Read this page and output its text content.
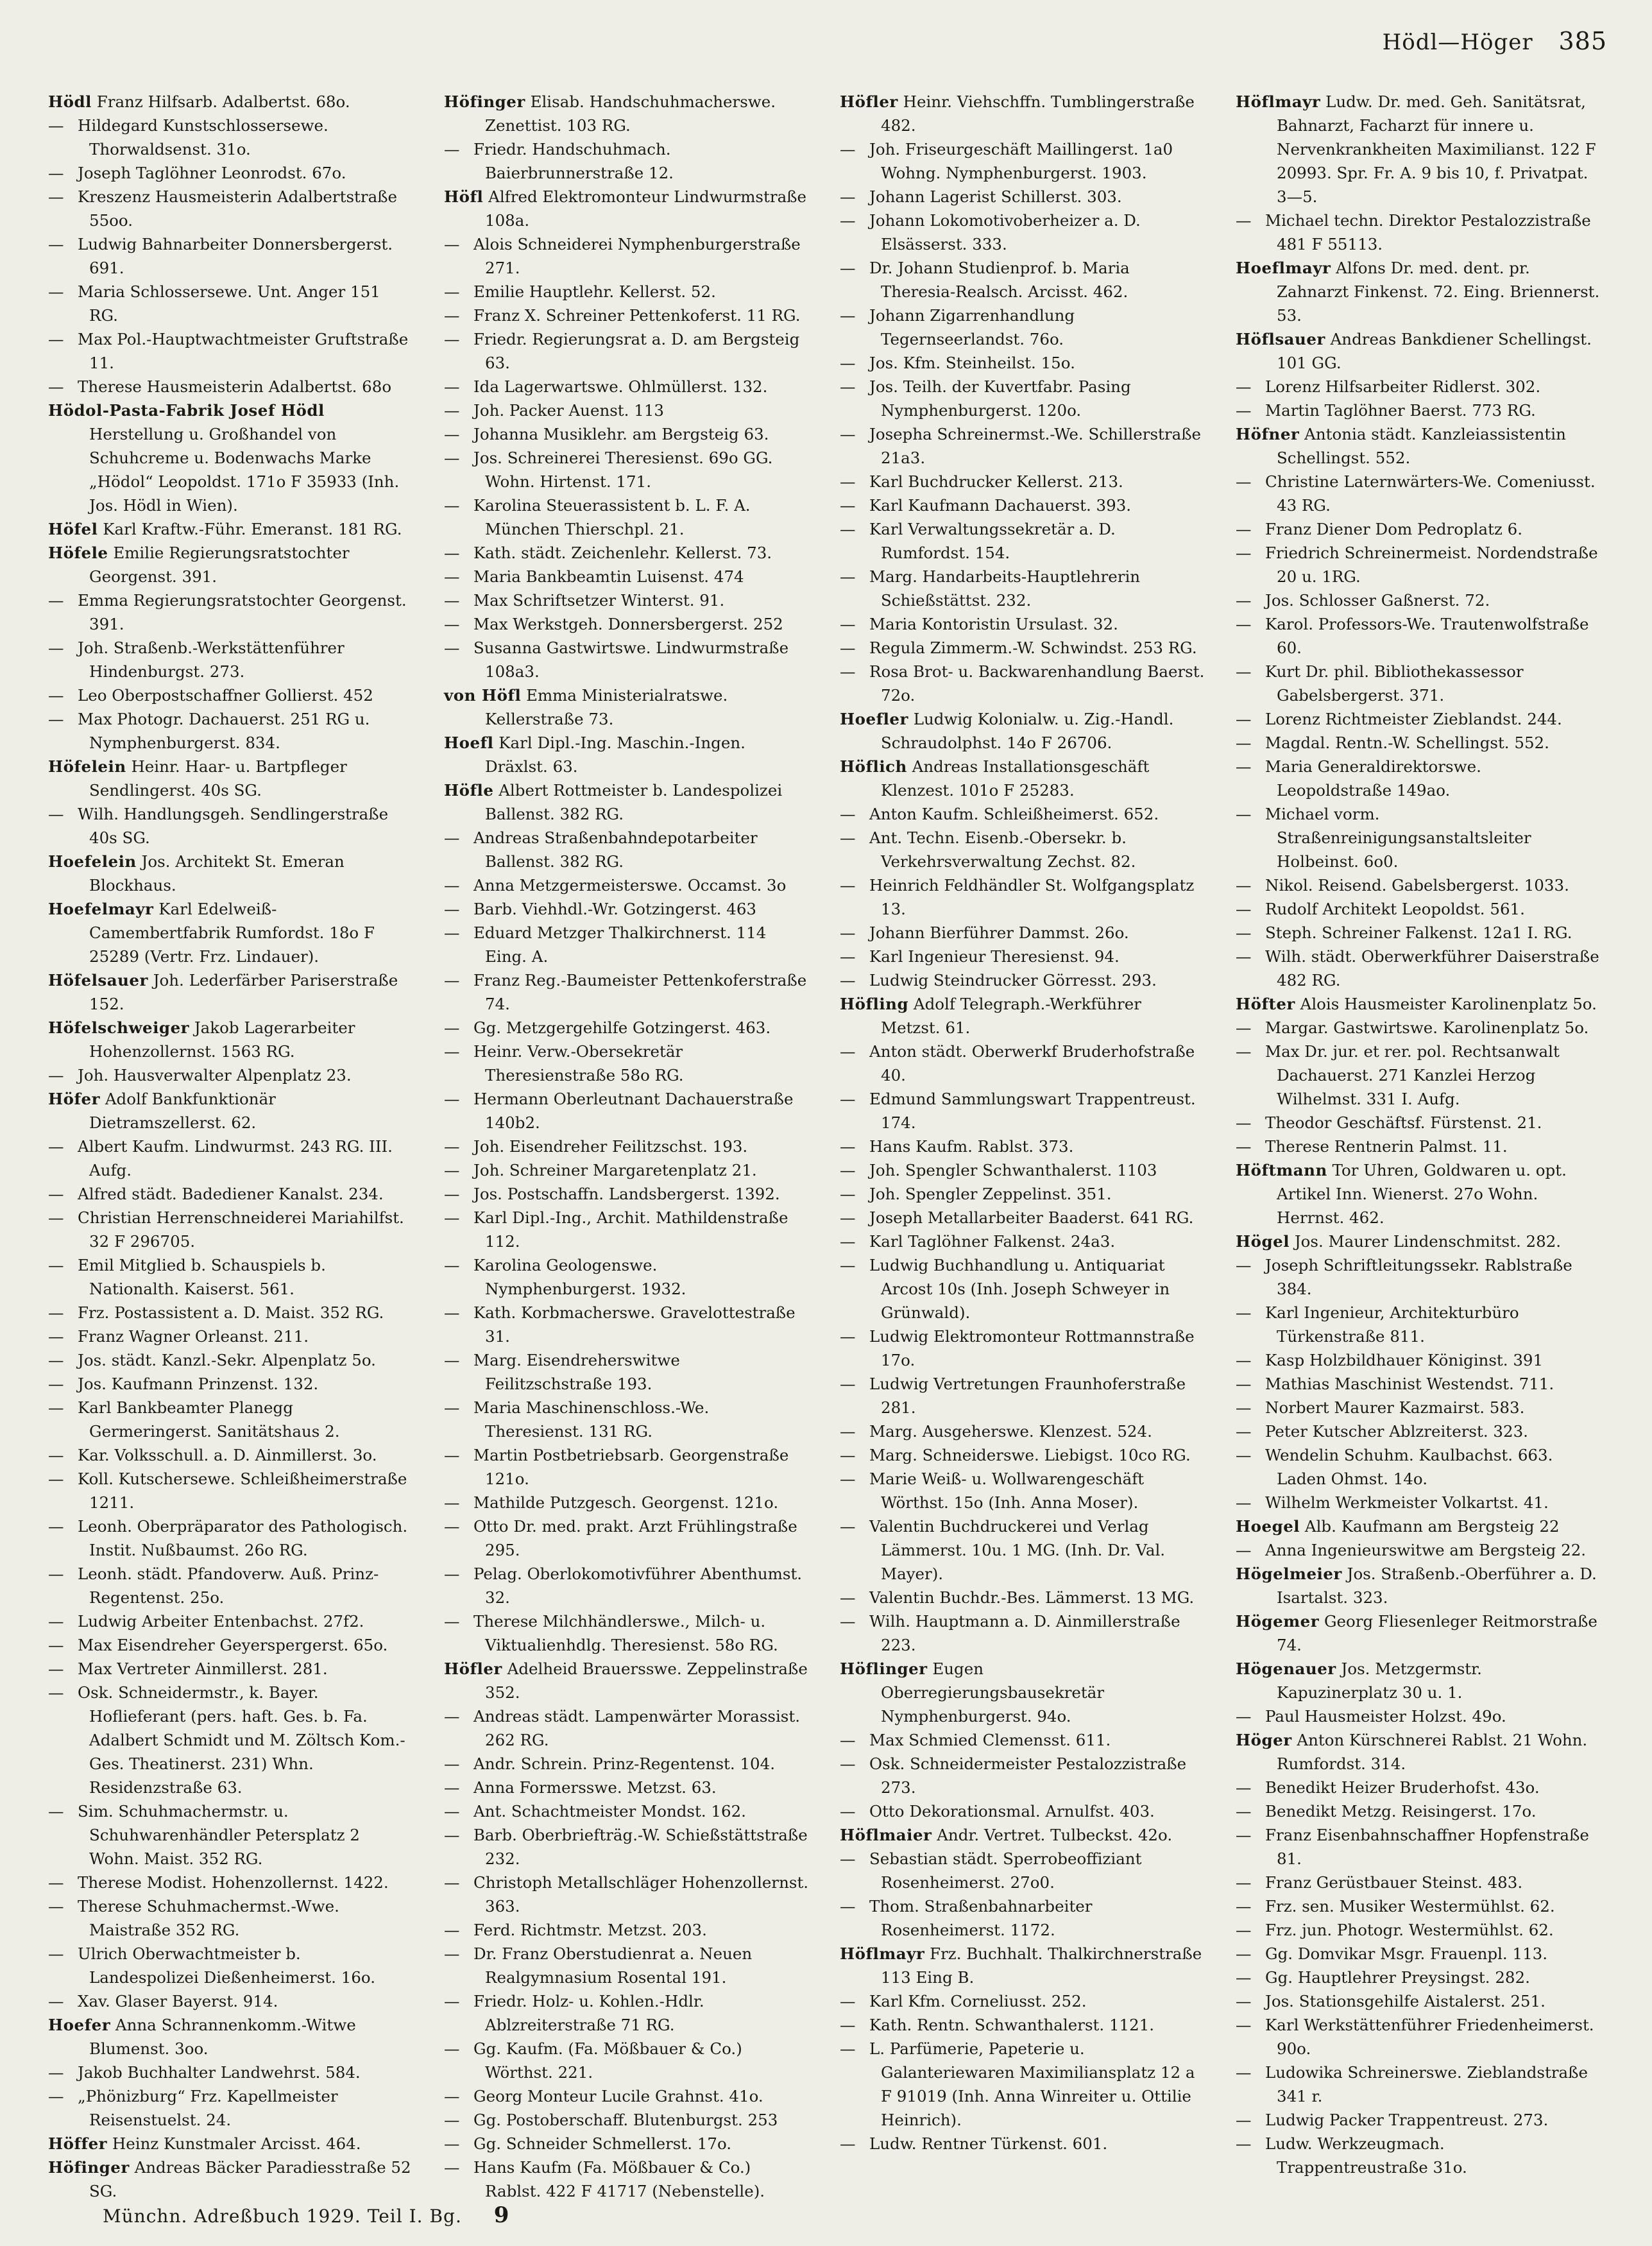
Hödl—Höger 385

Hödl Franz Hilfsarb. Adalbertst. 68o.

— Hildegard Kunstschlossersewe. Thorwaldsenst. 31o.

— Joseph Taglöhner Leonrodst. 67o.

— Kreszenz Hausmeisterin Adalbertstraße 55oo.

— Ludwig Bahnarbeiter Donnersbergerst. 691.

— Maria Schlossersewe. Unt. Anger 151 RG.

— Max Pol.-Hauptwachtmeister Gruftstraße 11.

— Therese Hausmeisterin Adalbertst. 68o

Hödol-Pasta-Fabrik Josef Hödl Herstellung u. Großhandel von Schuhcreme u. Bodenwachs Marke „Hödol“ Leopoldst. 171o F 35933 (Inh. Jos. Hödl in Wien).

Höfel Karl Kraftw.-Führ. Emeranst. 181 RG.

Höfele Emilie Regierungsratstochter Georgenst. 391.

— Emma Regierungsratstochter Georgenst. 391.

— Joh. Straßenb.-Werkstättenführer Hindenburgst. 273.

— Leo Oberpostschaffner Gollierst. 452

— Max Photogr. Dachauerst. 251 RG u. Nymphenburgerst. 834.

Höfelein Heinr. Haar- u. Bartpfleger Sendlingerst. 40s SG.

— Wilh. Handlungsgeh. Sendlingerstraße 40s SG.

Hoefelein Jos. Architekt St. Emeran Blockhaus.

Hoefelmayr Karl Edelweiß-Camembertfabrik Rumfordst. 18o F 25289 (Vertr. Frz. Lindauer).

Höfelsauer Joh. Lederfärber Pariserstraße 152.

Höfelschweiger Jakob Lagerarbeiter Hohenzollernst. 1563 RG.

— Joh. Hausverwalter Alpenplatz 23.

Höfer Adolf Bankfunktionär Dietramszellerst. 62.

— Albert Kaufm. Lindwurmst. 243 RG. III. Aufg.

— Alfred städt. Badediener Kanalst. 234.

— Christian Herrenschneiderei Mariahilfst. 32 F 296705.

— Emil Mitglied b. Schauspiels b. Nationalth. Kaiserst. 561.

— Frz. Postassistent a. D. Maist. 352 RG.

— Franz Wagner Orleanst. 211.

— Jos. städt. Kanzl.-Sekr. Alpenplatz 5o.

— Jos. Kaufmann Prinzenst. 132.

— Karl Bankbeamter Planegg Germeringerst. Sanitätshaus 2.

— Kar. Volksschull. a. D. Ainmillerst. 3o.

— Koll. Kutschersewe. Schleißheimerstraße 1211.

— Leonh. Oberpräparator des Pathologisch. Instit. Nußbaumst. 26o RG.

— Leonh. städt. Pfandoverw. Auß. Prinz-Regentenst. 25o.

— Ludwig Arbeiter Entenbachst. 27f2.

— Max Eisendreher Geyerspergerst. 65o.

— Max Vertreter Ainmillerst. 281.

— Osk. Schneidermstr., k. Bayer. Hoflieferant (pers. haft. Ges. b. Fa. Adalbert Schmidt und M. Zöltsch Kom.-Ges. Theatinerst. 231) Whn. Residenzstraße 63.

— Sim. Schuhmachermstr. u. Schuhwarenhändler Petersplatz 2 Wohn. Maist. 352 RG.

— Therese Modist. Hohenzollernst. 1422.

— Therese Schuhmachermst.-Wwe. Maistraße 352 RG.

— Ulrich Oberwachtmeister b. Landespolizei Dießenheimerst. 16o.

— Xav. Glaser Bayerst. 914.

Hoefer Anna Schrannenkomm.-Witwe Blumenst. 3oo.

— Jakob Buchhalter Landwehrst. 584.

— „Phönizburg“ Frz. Kapellmeister Reisenstuelst. 24.

Höffer Heinz Kunstmaler Arcisst. 464.

Höfinger Andreas Bäcker Paradiesstraße 52 SG.

Höfinger Elisab. Handschuhmacherswe. Zenettist. 103 RG.

— Friedr. Handschuhmach. Baierbrunnerstraße 12.

Höfl Alfred Elektromonteur Lindwurmstraße 108a.

— Alois Schneiderei Nymphenburgerstraße 271.

— Emilie Hauptlehr. Kellerst. 52.

— Franz X. Schreiner Pettenkoferst. 11 RG.

— Friedr. Regierungsrat a. D. am Bergsteig 63.

— Ida Lagerwartswe. Ohlmüllerst. 132.

— Joh. Packer Auenst. 113

— Johanna Musiklehr. am Bergsteig 63.

— Jos. Schreinerei Theresienst. 69o GG. Wohn. Hirtenst. 171.

— Karolina Steuerassistent b. L. F. A. München Thierschpl. 21.

— Kath. städt. Zeichenlehr. Kellerst. 73.

— Maria Bankbeamtin Luisenst. 474

— Max Schriftsetzer Winterst. 91.

— Max Werkstgeh. Donnersbergerst. 252

— Susanna Gastwirtswe. Lindwurmstraße 108a3.

von Höfl Emma Ministerialratswe. Kellerstraße 73.

Hoefl Karl Dipl.-Ing. Maschin.-Ingen. Dräxlst. 63.

Höfle Albert Rottmeister b. Landespolizei Ballenst. 382 RG.

— Andreas Straßenbahndepotarbeiter Ballenst. 382 RG.

— Anna Metzgermeisterswe. Occamst. 3o

— Barb. Viehhdl.-Wr. Gotzingerst. 463

— Eduard Metzger Thalkirchnerst. 114 Eing. A.

— Franz Reg.-Baumeister Pettenkoferstraße 74.

— Gg. Metzgergehilfe Gotzingerst. 463.

— Heinr. Verw.-Obersekretär Theresienstraße 58o RG.

— Hermann Oberleutnant Dachauerstraße 140b2.

— Joh. Eisendreher Feilitzschst. 193.

— Joh. Schreiner Margaretenplatz 21.

— Jos. Postschaffn. Landsbergerst. 1392.

— Karl Dipl.-Ing., Archit. Mathildenstraße 112.

— Karolina Geologenswe. Nymphenburgerst. 1932.

— Kath. Korbmacherswe. Gravelottestraße 31.

— Marg. Eisendreherswitwe Feilitzschstraße 193.

— Maria Maschinenschloss.-We. Theresienst. 131 RG.

— Martin Postbetriebsarb. Georgenstraße 121o.

— Mathilde Putzgesch. Georgenst. 121o.

— Otto Dr. med. prakt. Arzt Frühlingstraße 295.

— Pelag. Oberlokomotivführer Abenthumst. 32.

— Therese Milchhändlerswe., Milch- u. Viktualienhdlg. Theresienst. 58o RG.

Höfler Adelheid Brauersswe. Zeppelinstraße 352.

— Andreas städt. Lampenwärter Morassist. 262 RG.

— Andr. Schrein. Prinz-Regentenst. 104.

— Anna Formersswe. Metzst. 63.

— Ant. Schachtmeister Mondst. 162.

— Barb. Oberbriefträg.-W. Schießstättstraße 232.

— Christoph Metallschläger Hohenzollernst. 363.

— Ferd. Richtmstr. Metzst. 203.

— Dr. Franz Oberstudienrat a. Neuen Realgymnasium Rosental 191.

— Friedr. Holz- u. Kohlen.-Hdlr. Ablzreiterstraße 71 RG.

— Gg. Kaufm. (Fa. Mößbauer & Co.) Wörthst. 221.

— Georg Monteur Lucile Grahnst. 41o.

— Gg. Postoberschaff. Blutenburgst. 253

— Gg. Schneider Schmellerst. 17o.

— Hans Kaufm (Fa. Mößbauer & Co.) Rablst. 422 F 41717 (Nebenstelle).

Höfler Heinr. Viehschffn. Tumblingerstraße 482.

— Joh. Friseurgeschäft Maillingerst. 1a0 Wohng. Nymphenburgerst. 1903.

— Johann Lagerist Schillerst. 303.

— Johann Lokomotivoberheizer a. D. Elsässerst. 333.

— Dr. Johann Studienprof. b. Maria Theresia-Realsch. Arcisst. 462.

— Johann Zigarrenhandlung Tegernseerlandst. 76o.

— Jos. Kfm. Steinheilst. 15o.

— Jos. Teilh. der Kuvertfabr. Pasing Nymphenburgerst. 120o.

— Josepha Schreinermst.-We. Schillerstraße 21a3.

— Karl Buchdrucker Kellerst. 213.

— Karl Kaufmann Dachauerst. 393.

— Karl Verwaltungssekretär a. D. Rumfordst. 154.

— Marg. Handarbeits-Hauptlehrerin Schießstättst. 232.

— Maria Kontoristin Ursulast. 32.

— Regula Zimmerm.-W. Schwindst. 253 RG.

— Rosa Brot- u. Backwarenhandlung Baerst. 72o.

Hoefler Ludwig Kolonialw. u. Zig.-Handl. Schraudolphst. 14o F 26706.

Höflich Andreas Installationsgeschäft Klenzest. 101o F 25283.

— Anton Kaufm. Schleißheimerst. 652.

— Ant. Techn. Eisenb.-Obersekr. b. Verkehrsverwaltung Zechst. 82.

— Heinrich Feldhändler St. Wolfgangsplatz 13.

— Johann Bierführer Dammst. 26o.

— Karl Ingenieur Theresienst. 94.

— Ludwig Steindrucker Görresst. 293.

Höfling Adolf Telegraph.-Werkführer Metzst. 61.

— Anton städt. Oberwerkf Bruderhofstraße 40.

— Edmund Sammlungswart Trappentreust. 174.

— Hans Kaufm. Rablst. 373.

— Joh. Spengler Schwanthalerst. 1103

— Joh. Spengler Zeppelinst. 351.

— Joseph Metallarbeiter Baaderst. 641 RG.

— Karl Taglöhner Falkenst. 24a3.

— Ludwig Buchhandlung u. Antiquariat Arcost 10s (Inh. Joseph Schweyer in Grünwald).

— Ludwig Elektromonteur Rottmannstraße 17o.

— Ludwig Vertretungen Fraunhoferstraße 281.

— Marg. Ausgeherswe. Klenzest. 524.

— Marg. Schneiderswe. Liebigst. 10co RG.

— Marie Weiß- u. Wollwarengeschäft Wörthst. 15o (Inh. Anna Moser).

— Valentin Buchdruckerei und Verlag Lämmerst. 10u. 1 MG. (Inh. Dr. Val. Mayer).

— Valentin Buchdr.-Bes. Lämmerst. 13 MG.

— Wilh. Hauptmann a. D. Ainmillerstraße 223.

Höflinger Eugen Oberregierungsbausekretär Nymphenburgerst. 94o.

— Max Schmied Clemensst. 611.

— Osk. Schneidermeister Pestalozzistraße 273.

— Otto Dekorationsmal. Arnulfst. 403.

Höflmaier Andr. Vertret. Tulbeckst. 42o.

— Sebastian städt. Sperrobeoffiziant Rosenheimerst. 27o0.

— Thom. Straßenbahnarbeiter Rosenheimerst. 1172.

Höflmayr Frz. Buchhalt. Thalkirchnerstraße 113 Eing B.

— Karl Kfm. Corneliusst. 252.

— Kath. Rentn. Schwanthalerst. 1121.

— L. Parfümerie, Papeterie u. Galanteriewaren Maximiliansplatz 12 a F 91019 (Inh. Anna Winreiter u. Ottilie Heinrich).

— Ludw. Rentner Türkenst. 601.

Höflmayr Ludw. Dr. med. Geh. Sanitätsrat, Bahnarzt, Facharzt für innere u. Nervenkrankheiten Maximilianst. 122 F 20993. Spr. Fr. A. 9 bis 10, f. Privatpat. 3—5.

— Michael techn. Direktor Pestalozzistraße 481 F 55113.

Hoeflmayr Alfons Dr. med. dent. pr. Zahnarzt Finkenst. 72. Eing. Briennerst. 53.

Höflsauer Andreas Bankdiener Schellingst. 101 GG.

— Lorenz Hilfsarbeiter Ridlerst. 302.

— Martin Taglöhner Baerst. 773 RG.

Höfner Antonia städt. Kanzleiassistentin Schellingst. 552.

— Christine Laternwärters-We. Comeniusst. 43 RG.

— Franz Diener Dom Pedroplatz 6.

— Friedrich Schreinermeist. Nordendstraße 20 u. 1RG.

— Jos. Schlosser Gaßnerst. 72.

— Karol. Professors-We. Trautenwolfstraße 60.

— Kurt Dr. phil. Bibliothekassessor Gabelsbergerst. 371.

— Lorenz Richtmeister Zieblandst. 244.

— Magdal. Rentn.-W. Schellingst. 552.

— Maria Generaldirektorswe. Leopoldstraße 149ao.

— Michael vorm. Straßenreinigungsanstaltsleiter Holbeinst. 6o0.

— Nikol. Reisend. Gabelsbergerst. 1033.

— Rudolf Architekt Leopoldst. 561.

— Steph. Schreiner Falkenst. 12a1 I. RG.

— Wilh. städt. Oberwerkführer Daiserstraße 482 RG.

Höfter Alois Hausmeister Karolinenplatz 5o.

— Margar. Gastwirtswe. Karolinenplatz 5o.

— Max Dr. jur. et rer. pol. Rechtsanwalt Dachauerst. 271 Kanzlei Herzog Wilhelmst. 331 I. Aufg.

— Theodor Geschäftsf. Fürstenst. 21.

— Therese Rentnerin Palmst. 11.

Höftmann Tor Uhren, Goldwaren u. opt. Artikel Inn. Wienerst. 27o Wohn. Herrnst. 462.

Högel Jos. Maurer Lindenschmitst. 282.

— Joseph Schriftleitungssekr. Rablstraße 384.

— Karl Ingenieur, Architekturbüro Türkenstraße 811.

— Kasp Holzbildhauer Königinst. 391

— Mathias Maschinist Westendst. 711.

— Norbert Maurer Kazmairst. 583.

— Peter Kutscher Ablzreiterst. 323.

— Wendelin Schuhm. Kaulbachst. 663. Laden Ohmst. 14o.

— Wilhelm Werkmeister Volkartst. 41.

Hoegel Alb. Kaufmann am Bergsteig 22

— Anna Ingenieurswitwe am Bergsteig 22.

Högelmeier Jos. Straßenb.-Oberführer a. D. Isartalst. 323.

Högemer Georg Fliesenleger Reitmorstraße 74.

Högenauer Jos. Metzgermstr. Kapuzinerplatz 30 u. 1.

— Paul Hausmeister Holzst. 49o.

Höger Anton Kürschnerei Rablst. 21 Wohn. Rumfordst. 314.

— Benedikt Heizer Bruderhofst. 43o.

— Benedikt Metzg. Reisingerst. 17o.

— Franz Eisenbahnschaffner Hopfenstraße 81.

— Franz Gerüstbauer Steinst. 483.

— Frz. sen. Musiker Westermühlst. 62.

— Frz. jun. Photogr. Westermühlst. 62.

— Gg. Domvikar Msgr. Frauenpl. 113.

— Gg. Hauptlehrer Preysingst. 282.

— Jos. Stationsgehilfe Aistalerst. 251.

— Karl Werkstättenführer Friedenheimerst. 90o.

— Ludowika Schreinerswe. Zieblandstraße 341 r.

— Ludwig Packer Trappentreust. 273.

— Ludw. Werkzeugmach. Trappentreustraße 31o.

Münchn. Adreßbuch 1929. Teil I. Bg. 9
